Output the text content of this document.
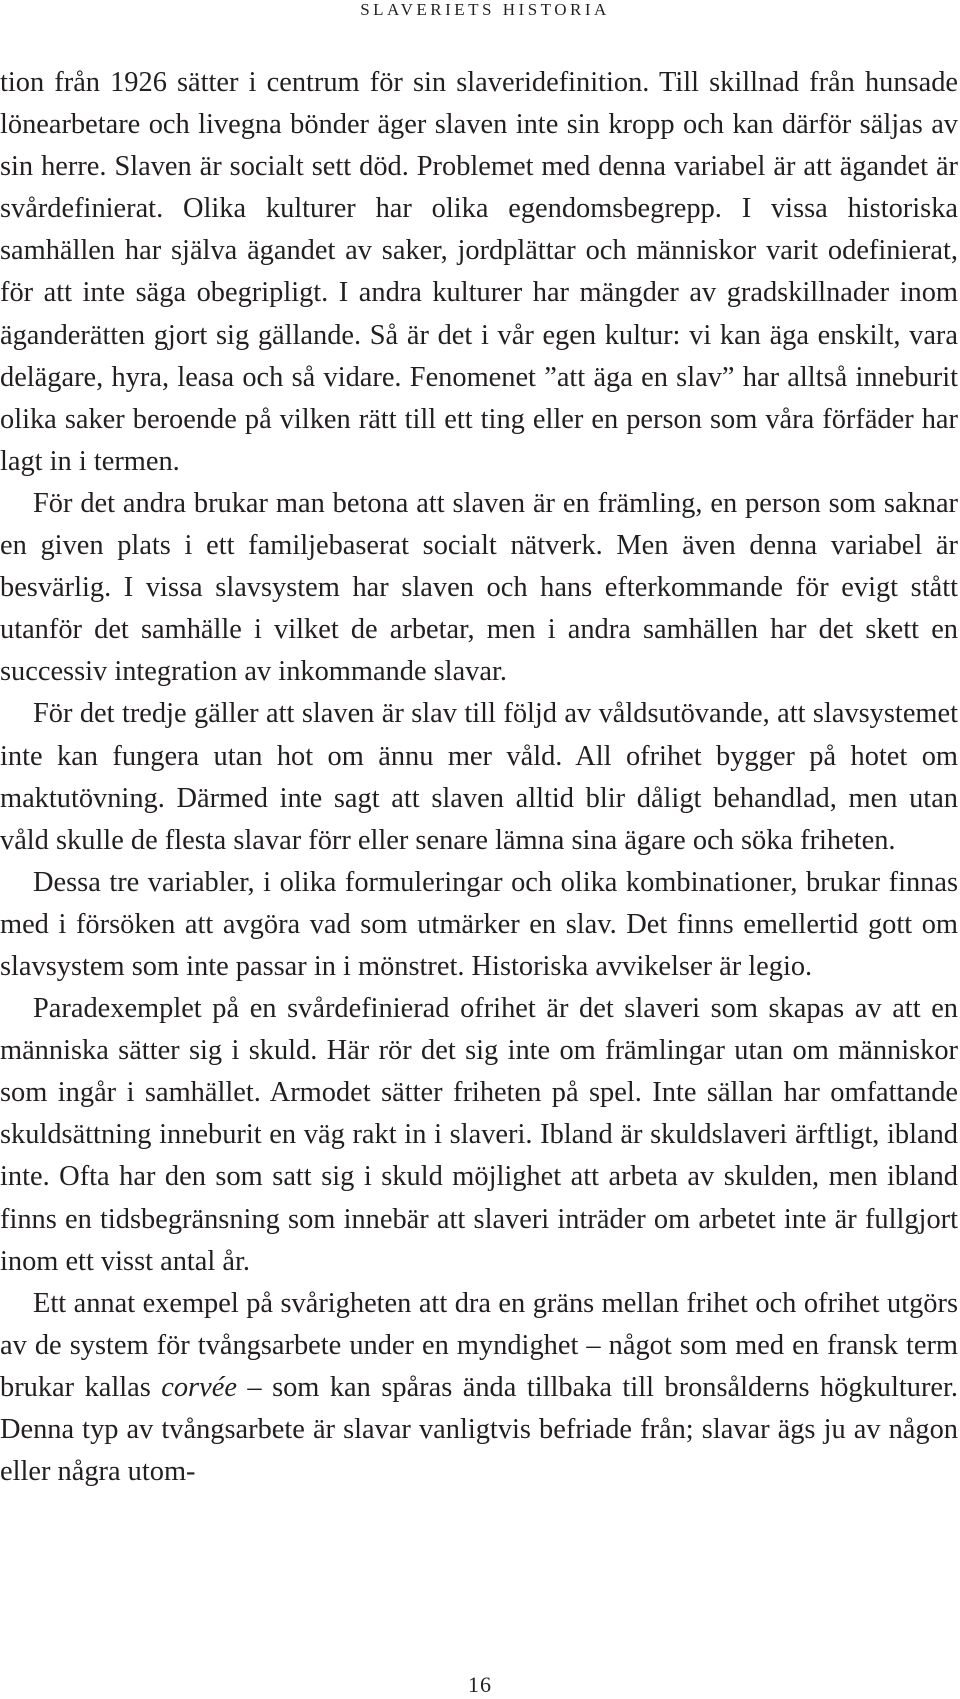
SLAVERIETS HISTORIA

tion från 1926 sätter i centrum för sin slaveridefinition. Till skillnad från hunsade lönearbetare och livegna bönder äger slaven inte sin kropp och kan därför säljas av sin herre. Slaven är socialt sett död. Problemet med denna variabel är att ägandet är svårdefinierat. Olika kulturer har olika egendomsbegrepp. I vissa historiska samhällen har själva ägandet av saker, jordplättar och människor varit odefinierat, för att inte säga obegripligt. I andra kulturer har mängder av gradskillnader inom äganderätten gjort sig gällande. Så är det i vår egen kultur: vi kan äga enskilt, vara delägare, hyra, leasa och så vidare. Fenomenet ”att äga en slav” har alltså inneburit olika saker beroende på vilken rätt till ett ting eller en person som våra förfäder har lagt in i termen.

För det andra brukar man betona att slaven är en främling, en person som saknar en given plats i ett familjebaserat socialt nätverk. Men även denna variabel är besvärlig. I vissa slavsystem har slaven och hans efterkommande för evigt stått utanför det samhälle i vilket de arbetar, men i andra samhällen har det skett en successiv integration av inkommande slavar.

För det tredje gäller att slaven är slav till följd av våldsutövande, att slavsystemet inte kan fungera utan hot om ännu mer våld. All ofrihet bygger på hotet om maktutövning. Därmed inte sagt att slaven alltid blir dåligt behandlad, men utan våld skulle de flesta slavar förr eller senare lämna sina ägare och söka friheten.

Dessa tre variabler, i olika formuleringar och olika kombinationer, brukar finnas med i försöken att avgöra vad som utmärker en slav. Det finns emellertid gott om slavsystem som inte passar in i mönstret. Historiska avvikelser är legio.

Paradexemplet på en svårdefinierad ofrihet är det slaveri som skapas av att en människa sätter sig i skuld. Här rör det sig inte om främlingar utan om människor som ingår i samhället. Armodet sätter friheten på spel. Inte sällan har omfattande skuldsättning inneburit en väg rakt in i slaveri. Ibland är skuldslaveri ärftligt, ibland inte. Ofta har den som satt sig i skuld möjlighet att arbeta av skulden, men ibland finns en tidsbegränsning som innebär att slaveri inträder om arbetet inte är fullgjort inom ett visst antal år.

Ett annat exempel på svårigheten att dra en gräns mellan frihet och ofrihet utgörs av de system för tvångsarbete under en myndighet – något som med en fransk term brukar kallas corvée – som kan spåras ända tillbaka till bronsålderns högkulturer. Denna typ av tvångsarbete är slavar vanligtvis befriade från; slavar ägs ju av någon eller några utom-

16
